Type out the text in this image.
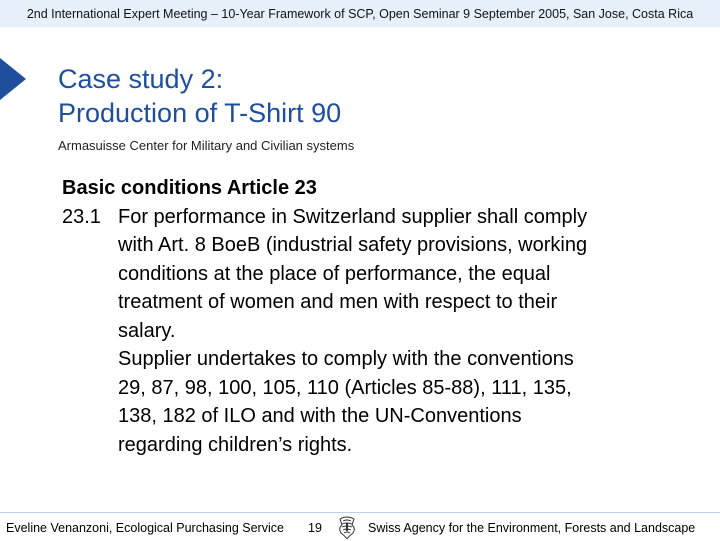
2nd International Expert Meeting – 10-Year Framework of SCP, Open Seminar 9 September 2005, San Jose, Costa Rica
Case study 2:
Production of T-Shirt 90
Armasuisse Center for Military and Civilian systems
Basic conditions Article 23
23.1 For performance in Switzerland supplier shall comply
with Art. 8 BoeB (industrial safety provisions, working
conditions at the place of performance, the equal
treatment of women and men with respect to their
salary.
Supplier undertakes to comply with the conventions
29, 87, 98, 100, 105, 110 (Articles 85-88), 111, 135,
138, 182 of ILO and with the UN-Conventions
regarding children’s rights.
Eveline Venanzoni, Ecological Purchasing Service 19	Swiss Agency for the Environment, Forests and Landscape
